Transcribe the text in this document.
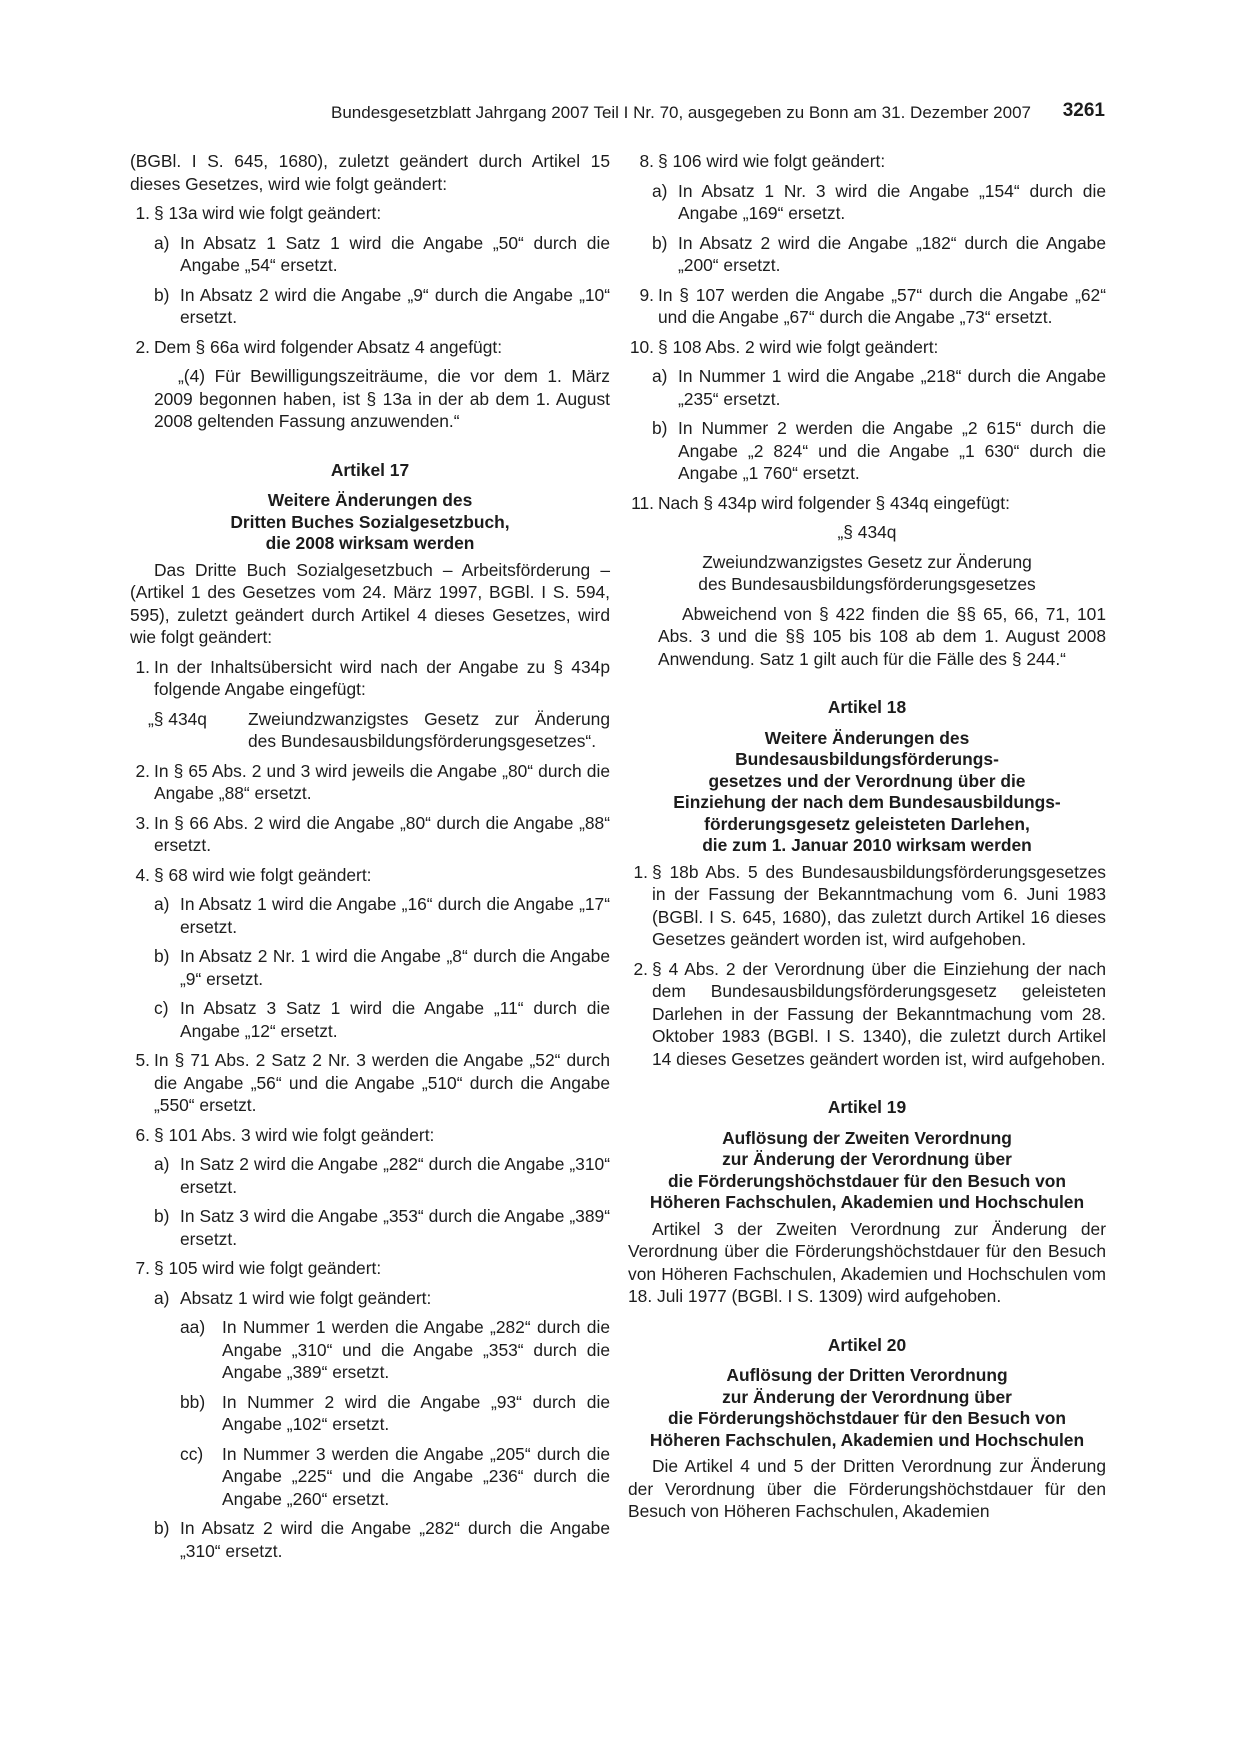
Bundesgesetzblatt Jahrgang 2007 Teil I Nr. 70, ausgegeben zu Bonn am 31. Dezember 2007 3261

(BGBl. I S. 645, 1680), zuletzt geändert durch Artikel 15 dieses Gesetzes, wird wie folgt geändert:

1. § 13a wird wie folgt geändert:
a) In Absatz 1 Satz 1 wird die Angabe „50“ durch die Angabe „54“ ersetzt.
b) In Absatz 2 wird die Angabe „9“ durch die Angabe „10“ ersetzt.
2. Dem § 66a wird folgender Absatz 4 angefügt:

„(4) Für Bewilligungszeiträume, die vor dem 1. März 2009 begonnen haben, ist § 13a in der ab dem 1. August 2008 geltenden Fassung anzuwenden.“

Artikel 17
Weitere Änderungen des
Dritten Buches Sozialgesetzbuch,
die 2008 wirksam werden

Das Dritte Buch Sozialgesetzbuch – Arbeitsförderung – (Artikel 1 des Gesetzes vom 24. März 1997, BGBl. I S. 594, 595), zuletzt geändert durch Artikel 4 dieses Gesetzes, wird wie folgt geändert:

1. In der Inhaltsübersicht wird nach der Angabe zu § 434p folgende Angabe eingefügt:
„§ 434q Zweiundzwanzigstes Gesetz zur Änderung des Bundesausbildungsförderungsgesetzes“.
2. In § 65 Abs. 2 und 3 wird jeweils die Angabe „80“ durch die Angabe „88“ ersetzt.
3. In § 66 Abs. 2 wird die Angabe „80“ durch die Angabe „88“ ersetzt.
4. § 68 wird wie folgt geändert:
a) In Absatz 1 wird die Angabe „16“ durch die Angabe „17“ ersetzt.
b) In Absatz 2 Nr. 1 wird die Angabe „8“ durch die Angabe „9“ ersetzt.
c) In Absatz 3 Satz 1 wird die Angabe „11“ durch die Angabe „12“ ersetzt.
5. In § 71 Abs. 2 Satz 2 Nr. 3 werden die Angabe „52“ durch die Angabe „56“ und die Angabe „510“ durch die Angabe „550“ ersetzt.
6. § 101 Abs. 3 wird wie folgt geändert:
a) In Satz 2 wird die Angabe „282“ durch die Angabe „310“ ersetzt.
b) In Satz 3 wird die Angabe „353“ durch die Angabe „389“ ersetzt.
7. § 105 wird wie folgt geändert:
a) Absatz 1 wird wie folgt geändert:
aa) In Nummer 1 werden die Angabe „282“ durch die Angabe „310“ und die Angabe „353“ durch die Angabe „389“ ersetzt.
bb) In Nummer 2 wird die Angabe „93“ durch die Angabe „102“ ersetzt.
cc) In Nummer 3 werden die Angabe „205“ durch die Angabe „225“ und die Angabe „236“ durch die Angabe „260“ ersetzt.
b) In Absatz 2 wird die Angabe „282“ durch die Angabe „310“ ersetzt.
8. § 106 wird wie folgt geändert:
a) In Absatz 1 Nr. 3 wird die Angabe „154“ durch die Angabe „169“ ersetzt.
b) In Absatz 2 wird die Angabe „182“ durch die Angabe „200“ ersetzt.
9. In § 107 werden die Angabe „57“ durch die Angabe „62“ und die Angabe „67“ durch die Angabe „73“ ersetzt.
10. § 108 Abs. 2 wird wie folgt geändert:
a) In Nummer 1 wird die Angabe „218“ durch die Angabe „235“ ersetzt.
b) In Nummer 2 werden die Angabe „2 615“ durch die Angabe „2 824“ und die Angabe „1 630“ durch die Angabe „1 760“ ersetzt.
11. Nach § 434p wird folgender § 434q eingefügt:
„§ 434q
Zweiundzwanzigstes Gesetz zur Änderung
des Bundesausbildungsförderungsgesetzes

Abweichend von § 422 finden die §§ 65, 66, 71, 101 Abs. 3 und die §§ 105 bis 108 ab dem 1. August 2008 Anwendung. Satz 1 gilt auch für die Fälle des § 244.“

Artikel 18
Weitere Änderungen des
Bundesausbildungsförderungs-
gesetzes und der Verordnung über die
Einziehung der nach dem Bundesausbildungs-
förderungsgesetz geleisteten Darlehen,
die zum 1. Januar 2010 wirksam werden
1. § 18b Abs. 5 des Bundesausbildungsförderungsgesetzes in der Fassung der Bekanntmachung vom 6. Juni 1983 (BGBl. I S. 645, 1680), das zuletzt durch Artikel 16 dieses Gesetzes geändert worden ist, wird aufgehoben.
2. § 4 Abs. 2 der Verordnung über die Einziehung der nach dem Bundesausbildungsförderungsgesetz geleisteten Darlehen in der Fassung der Bekanntmachung vom 28. Oktober 1983 (BGBl. I S. 1340), die zuletzt durch Artikel 14 dieses Gesetzes geändert worden ist, wird aufgehoben.
Artikel 19
Auflösung der Zweiten Verordnung
zur Änderung der Verordnung über
die Förderungshöchstdauer für den Besuch von
Höheren Fachschulen, Akademien und Hochschulen

Artikel 3 der Zweiten Verordnung zur Änderung der Verordnung über die Förderungshöchstdauer für den Besuch von Höheren Fachschulen, Akademien und Hochschulen vom 18. Juli 1977 (BGBl. I S. 1309) wird aufgehoben.

Artikel 20
Auflösung der Dritten Verordnung
zur Änderung der Verordnung über
die Förderungshöchstdauer für den Besuch von
Höheren Fachschulen, Akademien und Hochschulen

Die Artikel 4 und 5 der Dritten Verordnung zur Änderung der Verordnung über die Förderungshöchstdauer für den Besuch von Höheren Fachschulen, Akademien
